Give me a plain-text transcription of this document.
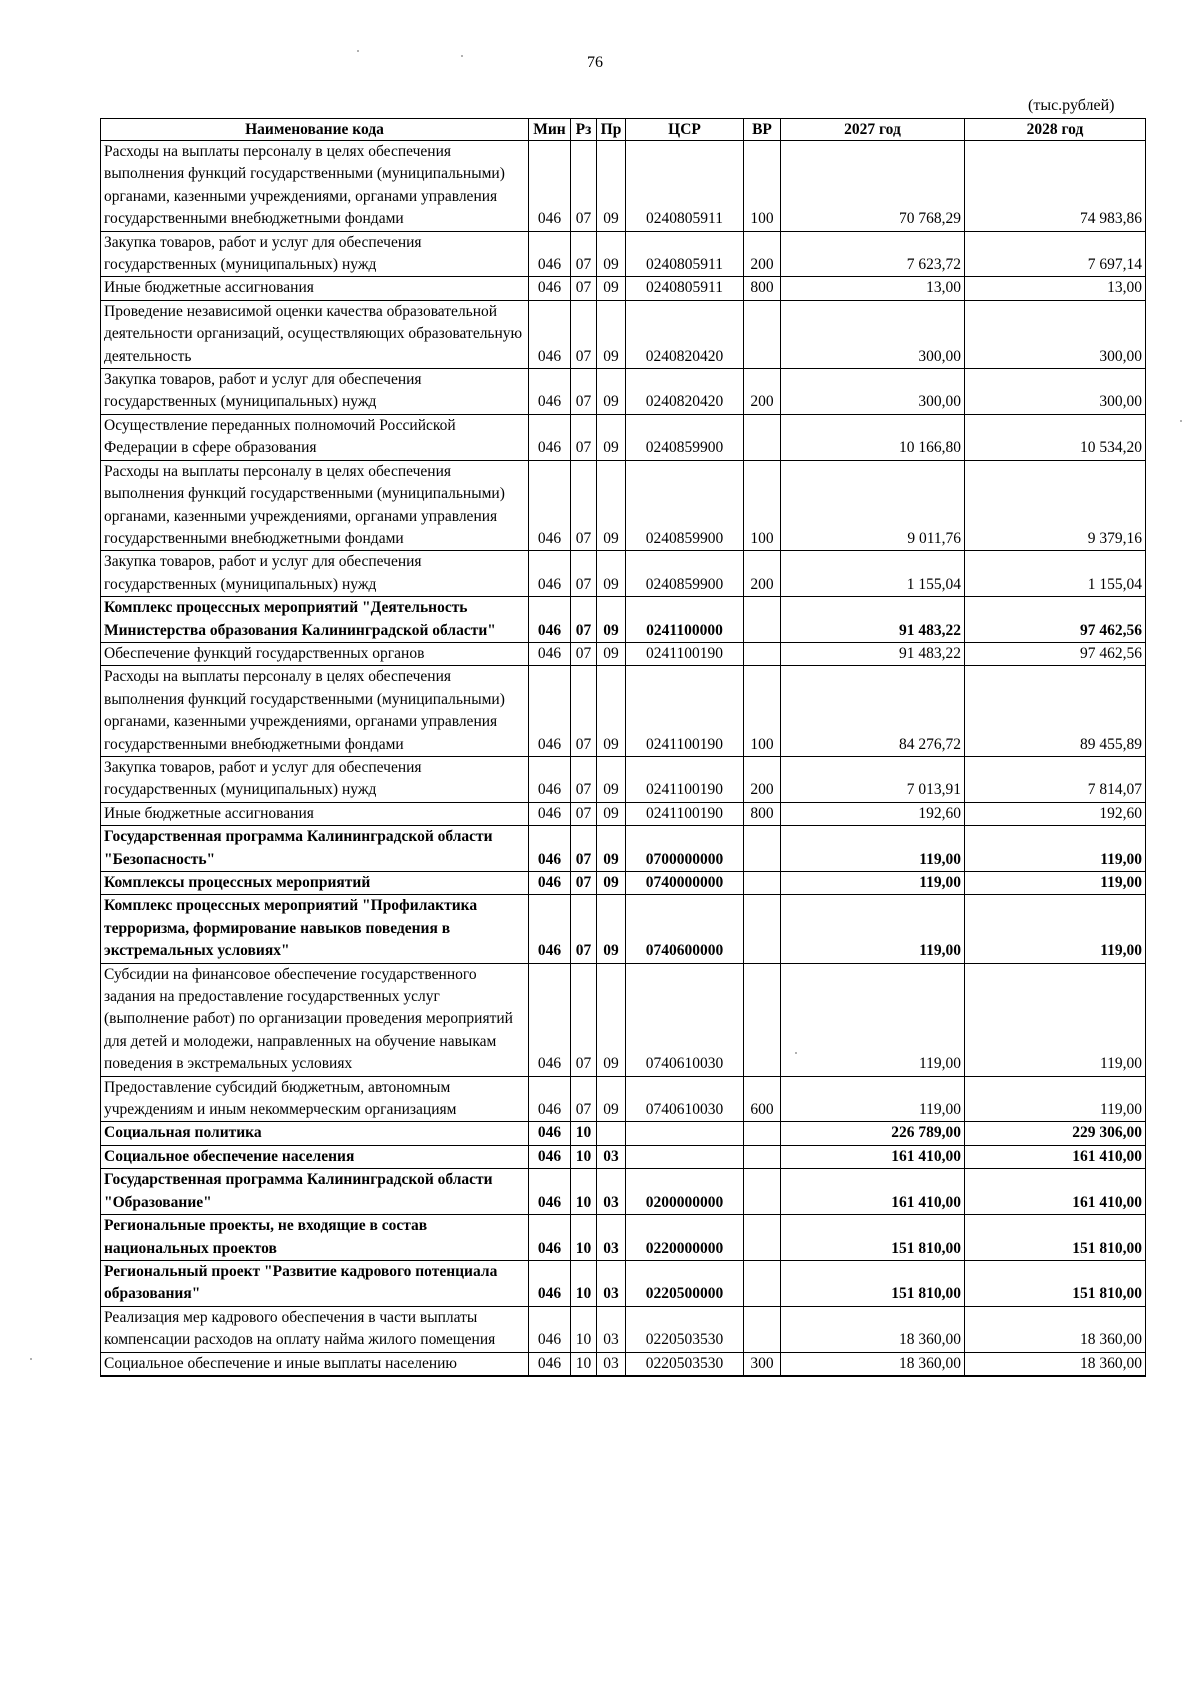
76
(тыс.рублей)
Наименование кода	Мин	Рз	Пр	ЦСР	ВР	2027 год	2028 год
Расходы на выплаты персоналу в целях обеспечения выполнения функций государственными (муниципальными) органами, казенными учреждениями, органами управления государственными внебюджетными фондами	046	07	09	0240805911	100	70 768,29	74 983,86
Закупка товаров, работ и услуг для обеспечения государственных (муниципальных) нужд	046	07	09	0240805911	200	7 623,72	7 697,14
Иные бюджетные ассигнования	046	07	09	0240805911	800	13,00	13,00
Проведение независимой оценки качества образовательной деятельности организаций, осуществляющих образовательную деятельность	046	07	09	0240820420		300,00	300,00
Закупка товаров, работ и услуг для обеспечения государственных (муниципальных) нужд	046	07	09	0240820420	200	300,00	300,00
Осуществление переданных полномочий Российской Федерации в сфере образования	046	07	09	0240859900		10 166,80	10 534,20
Расходы на выплаты персоналу в целях обеспечения выполнения функций государственными (муниципальными) органами, казенными учреждениями, органами управления государственными внебюджетными фондами	046	07	09	0240859900	100	9 011,76	9 379,16
Закупка товаров, работ и услуг для обеспечения государственных (муниципальных) нужд	046	07	09	0240859900	200	1 155,04	1 155,04
Комплекс процессных мероприятий "Деятельность Министерства образования Калининградской области"	046	07	09	0241100000		91 483,22	97 462,56
Обеспечение функций государственных органов	046	07	09	0241100190		91 483,22	97 462,56
Расходы на выплаты персоналу в целях обеспечения выполнения функций государственными (муниципальными) органами, казенными учреждениями, органами управления государственными внебюджетными фондами	046	07	09	0241100190	100	84 276,72	89 455,89
Закупка товаров, работ и услуг для обеспечения государственных (муниципальных) нужд	046	07	09	0241100190	200	7 013,91	7 814,07
Иные бюджетные ассигнования	046	07	09	0241100190	800	192,60	192,60
Государственная программа Калининградской области "Безопасность"	046	07	09	0700000000		119,00	119,00
Комплексы процессных мероприятий	046	07	09	0740000000		119,00	119,00
Комплекс процессных мероприятий "Профилактика терроризма, формирование навыков поведения в экстремальных условиях"	046	07	09	0740600000		119,00	119,00
Субсидии на финансовое обеспечение государственного задания на предоставление государственных услуг (выполнение работ) по организации проведения мероприятий для детей и молодежи, направленных на обучение навыкам поведения в экстремальных условиях	046	07	09	0740610030		119,00	119,00
Предоставление субсидий бюджетным, автономным учреждениям и иным некоммерческим организациям	046	07	09	0740610030	600	119,00	119,00
Социальная политика	046	10				226 789,00	229 306,00
Социальное обеспечение населения	046	10	03			161 410,00	161 410,00
Государственная программа Калининградской области "Образование"	046	10	03	0200000000		161 410,00	161 410,00
Региональные проекты, не входящие в состав национальных проектов	046	10	03	0220000000		151 810,00	151 810,00
Региональный проект "Развитие кадрового потенциала образования"	046	10	03	0220500000		151 810,00	151 810,00
Реализация мер кадрового обеспечения в части выплаты компенсации расходов на оплату найма жилого помещения	046	10	03	0220503530		18 360,00	18 360,00
Социальное обеспечение и иные выплаты населению	046	10	03	0220503530	300	18 360,00	18 360,00
